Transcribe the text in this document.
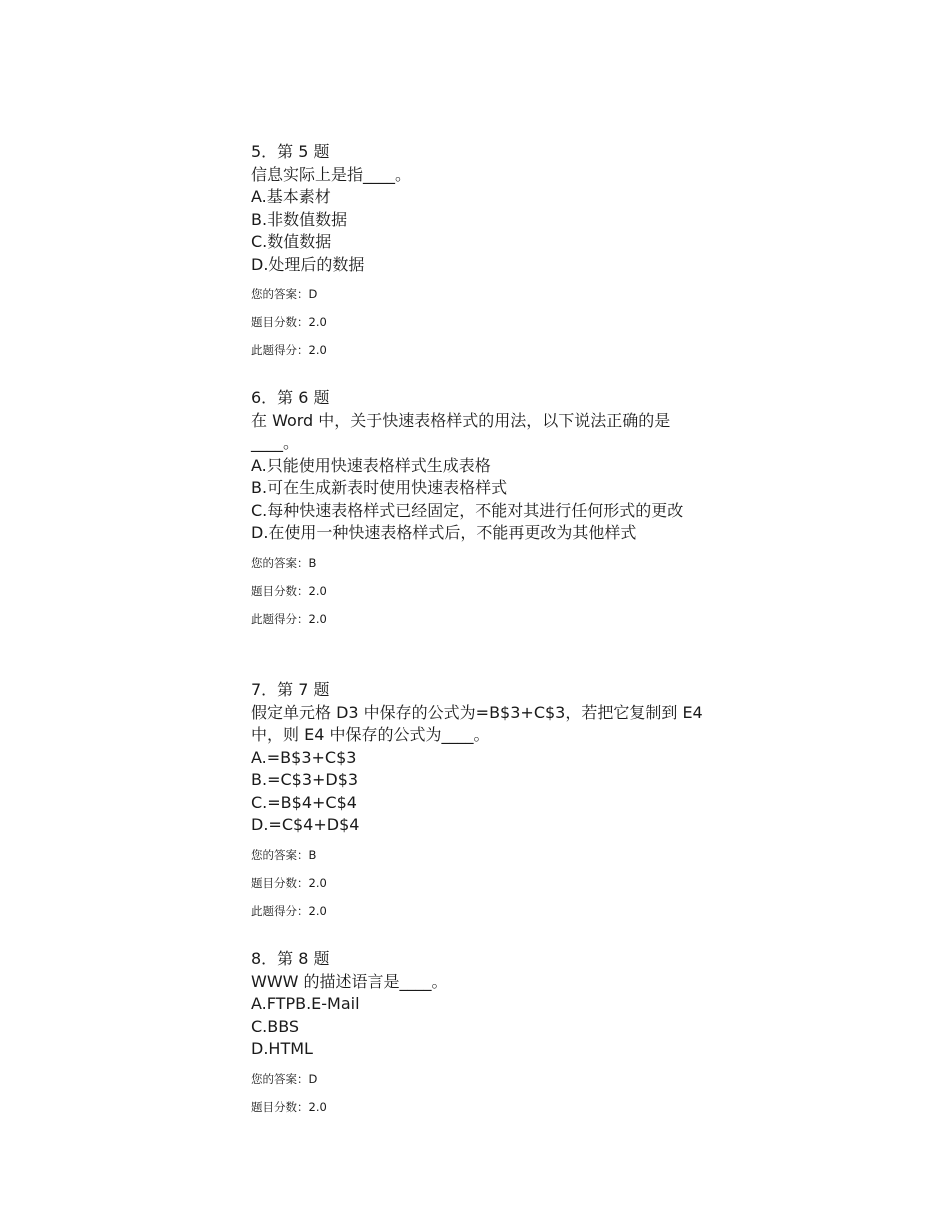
5．第 5 题
信息实际上是指____。
A.基本素材
B.非数值数据
C.数值数据
D.处理后的数据
您的答案：D
题目分数：2.0
此题得分：2.0
6．第 6 题
在 Word 中，关于快速表格样式的用法，以下说法正确的是____。
A.只能使用快速表格样式生成表格
B.可在生成新表时使用快速表格样式
C.每种快速表格样式已经固定，不能对其进行任何形式的更改
D.在使用一种快速表格样式后，不能再更改为其他样式
您的答案：B
题目分数：2.0
此题得分：2.0
7．第 7 题
假定单元格 D3 中保存的公式为=B$3+C$3，若把它复制到 E4 中，则 E4 中保存的公式为____。
A.=B$3+C$3
B.=C$3+D$3
C.=B$4+C$4
D.=C$4+D$4
您的答案：B
题目分数：2.0
此题得分：2.0
8．第 8 题
WWW 的描述语言是____。
A.FTPB.E-Mail
C.BBS
D.HTML
您的答案：D
题目分数：2.0
